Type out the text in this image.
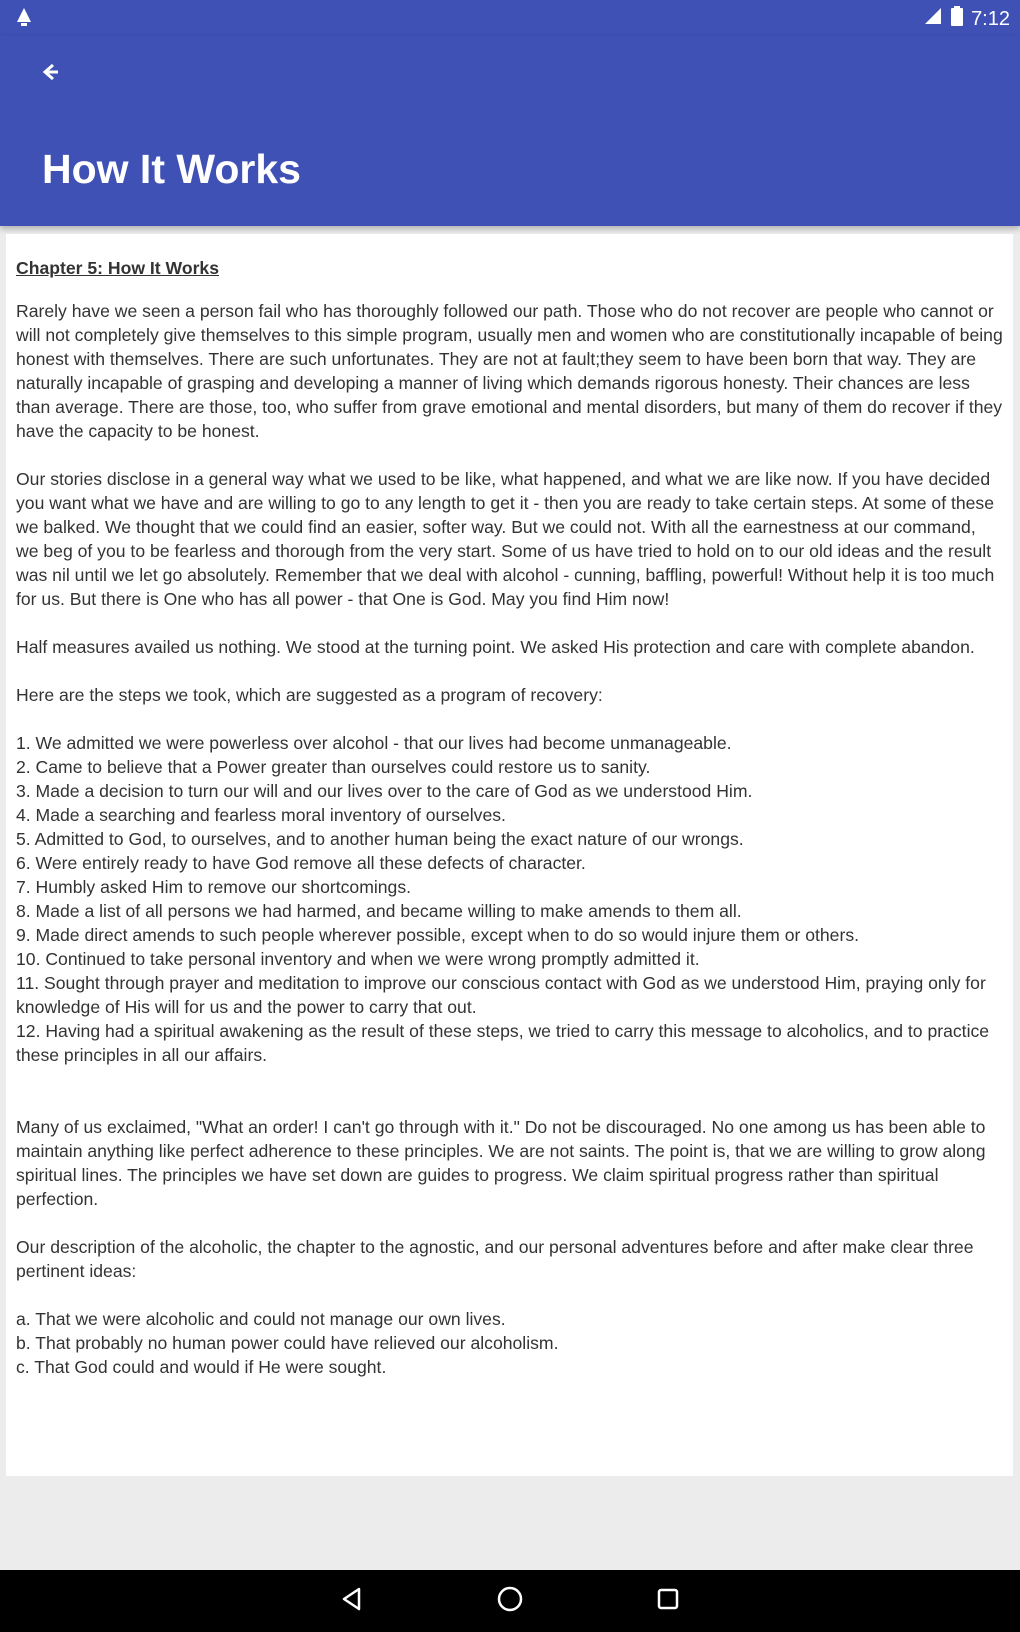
7:12
How It Works
Chapter 5: How It Works

Rarely have we seen a person fail who has thoroughly followed our path. Those who do not recover are people who cannot or will not completely give themselves to this simple program, usually men and women who are constitutionally incapable of being honest with themselves. There are such unfortunates. They are not at fault;they seem to have been born that way. They are naturally incapable of grasping and developing a manner of living which demands rigorous honesty. Their chances are less than average. There are those, too, who suffer from grave emotional and mental disorders, but many of them do recover if they have the capacity to be honest.

Our stories disclose in a general way what we used to be like, what happened, and what we are like now. If you have decided you want what we have and are willing to go to any length to get it - then you are ready to take certain steps. At some of these we balked. We thought that we could find an easier, softer way. But we could not. With all the earnestness at our command, we beg of you to be fearless and thorough from the very start. Some of us have tried to hold on to our old ideas and the result was nil until we let go absolutely. Remember that we deal with alcohol - cunning, baffling, powerful! Without help it is too much for us. But there is One who has all power - that One is God. May you find Him now!

Half measures availed us nothing. We stood at the turning point. We asked His protection and care with complete abandon.

Here are the steps we took, which are suggested as a program of recovery:

1. We admitted we were powerless over alcohol - that our lives had become unmanageable.
2. Came to believe that a Power greater than ourselves could restore us to sanity.
3. Made a decision to turn our will and our lives over to the care of God as we understood Him.
4. Made a searching and fearless moral inventory of ourselves.
5. Admitted to God, to ourselves, and to another human being the exact nature of our wrongs.
6. Were entirely ready to have God remove all these defects of character.
7. Humbly asked Him to remove our shortcomings.
8. Made a list of all persons we had harmed, and became willing to make amends to them all.
9. Made direct amends to such people wherever possible, except when to do so would injure them or others.
10. Continued to take personal inventory and when we were wrong promptly admitted it.
11. Sought through prayer and meditation to improve our conscious contact with God as we understood Him, praying only for knowledge of His will for us and the power to carry that out.
12. Having had a spiritual awakening as the result of these steps, we tried to carry this message to alcoholics, and to practice these principles in all our affairs.

Many of us exclaimed, "What an order! I can't go through with it." Do not be discouraged. No one among us has been able to maintain anything like perfect adherence to these principles. We are not saints. The point is, that we are willing to grow along spiritual lines. The principles we have set down are guides to progress. We claim spiritual progress rather than spiritual perfection.

Our description of the alcoholic, the chapter to the agnostic, and our personal adventures before and after make clear three pertinent ideas:

a. That we were alcoholic and could not manage our own lives.
b. That probably no human power could have relieved our alcoholism.
c. That God could and would if He were sought.
